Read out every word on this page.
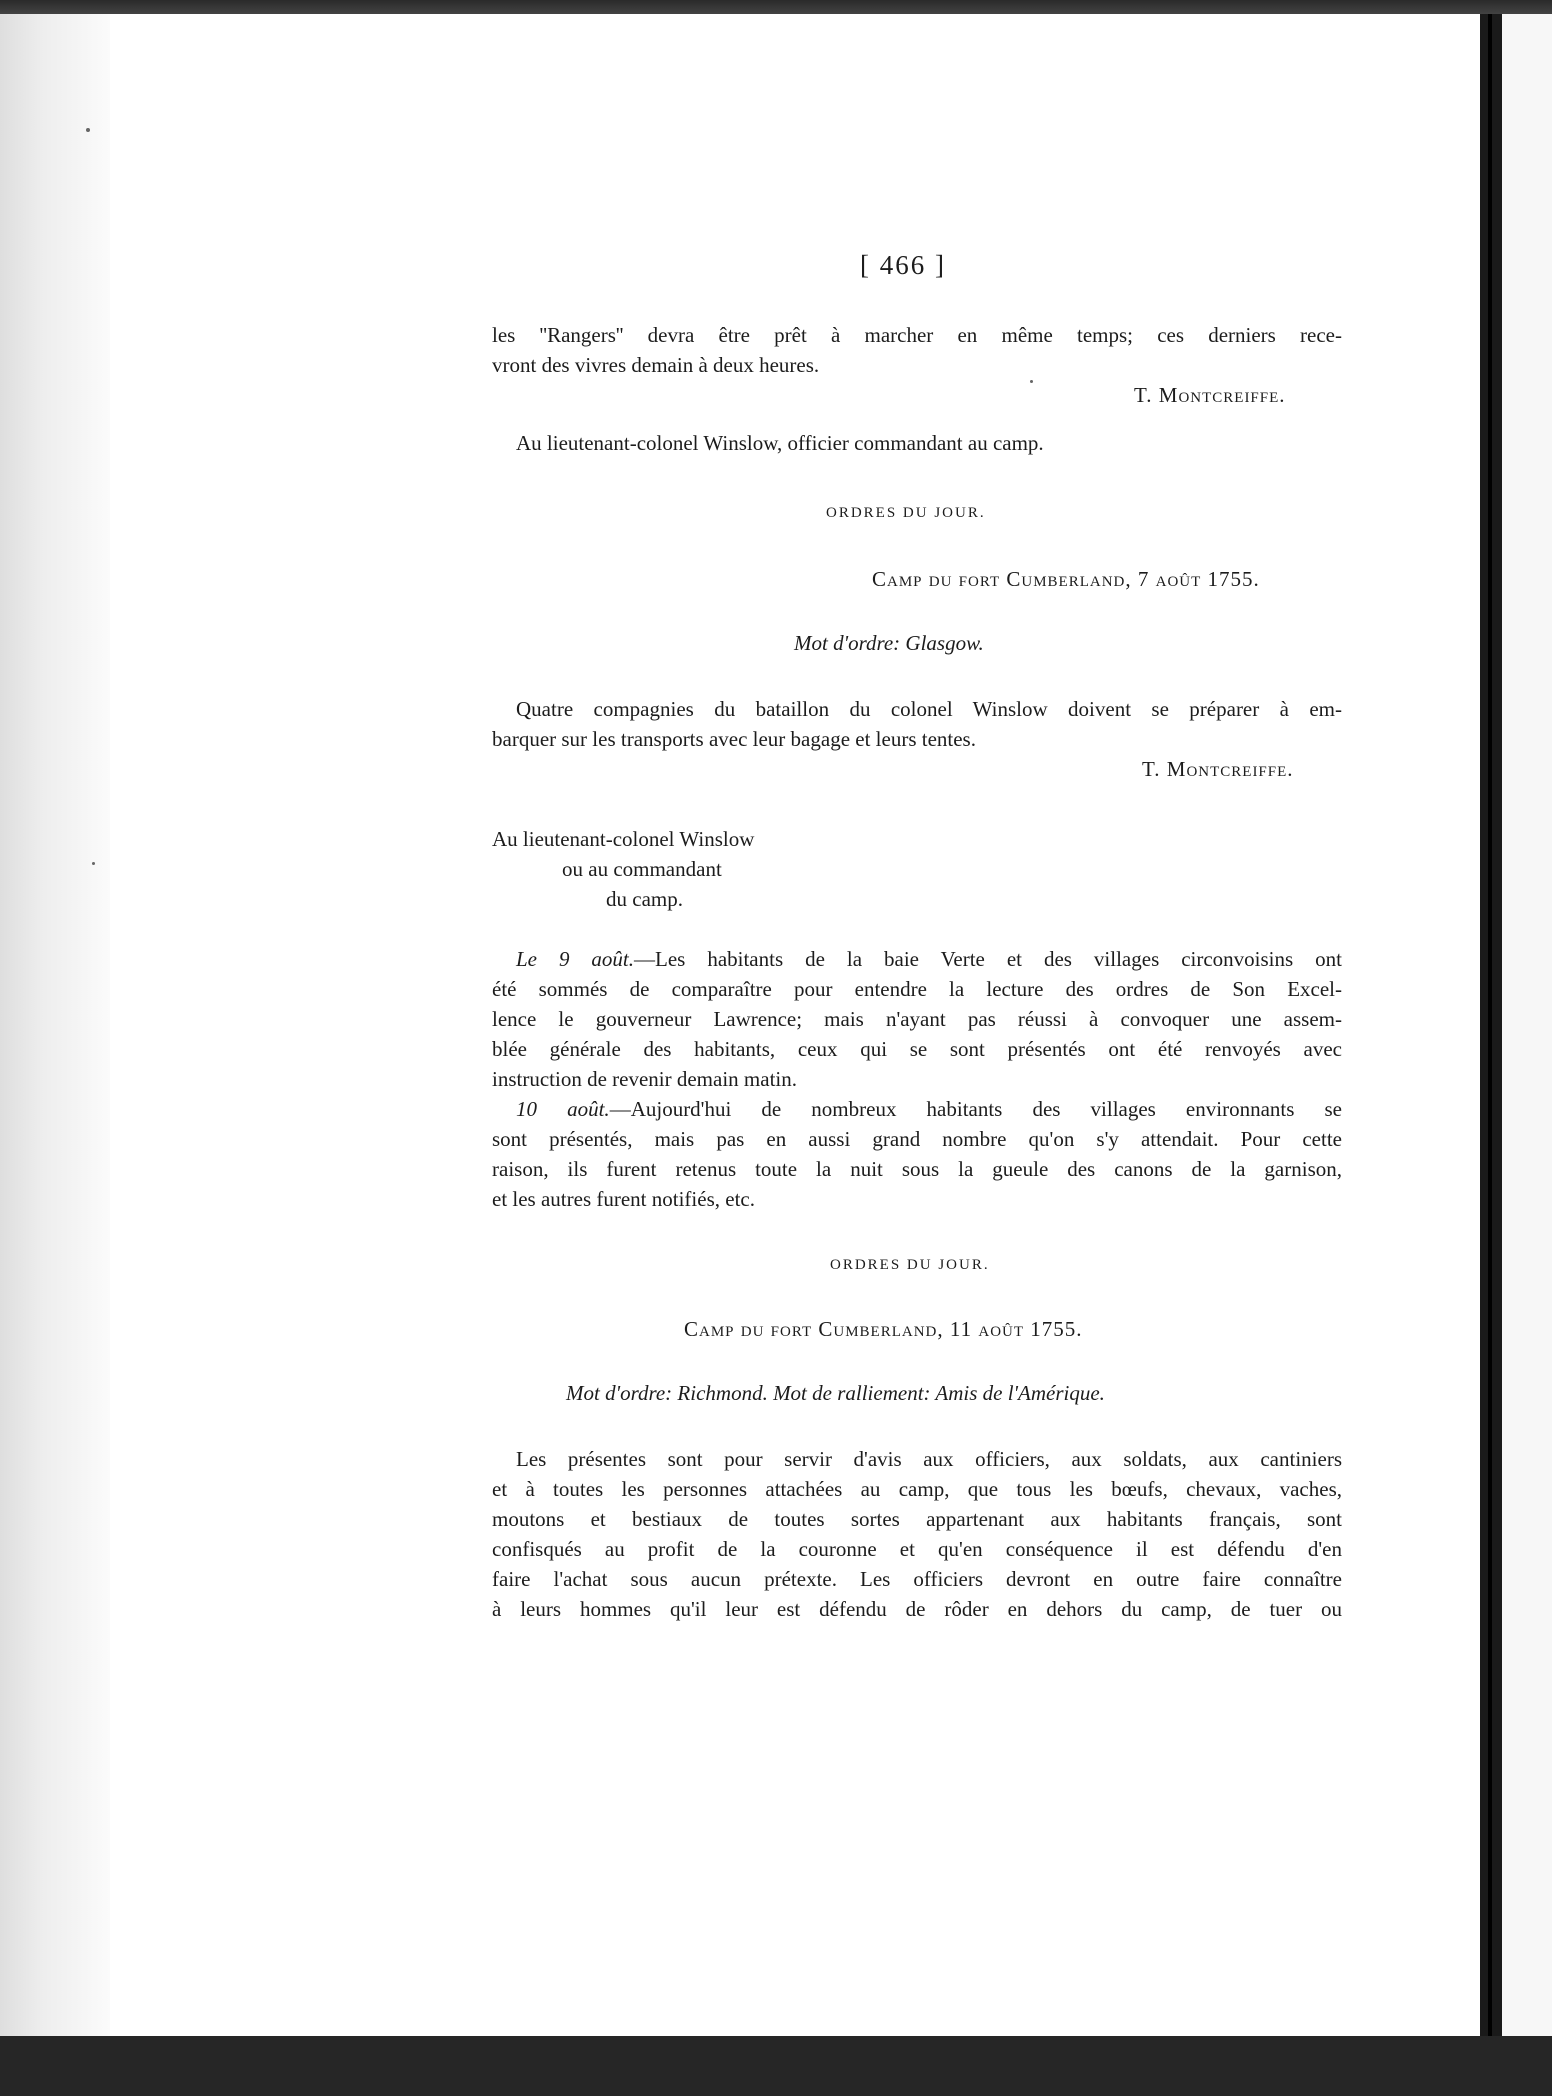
[ 466 ]
les ''Rangers'' devra être prêt à marcher en même temps; ces derniers rece-
vront des vivres demain à deux heures.
T. Montcreiffe.
Au lieutenant-colonel Winslow, officier commandant au camp.
ORDRES DU JOUR.
Camp du fort Cumberland, 7 août 1755.
Mot d'ordre: Glasgow.
Quatre compagnies du bataillon du colonel Winslow doivent se préparer à em-
barquer sur les transports avec leur bagage et leurs tentes.
T. Montcreiffe.
Au lieutenant-colonel Winslow
ou au commandant
du camp.
Le 9 août.—Les habitants de la baie Verte et des villages circonvoisins ont
été sommés de comparaître pour entendre la lecture des ordres de Son Excel-
lence le gouverneur Lawrence; mais n'ayant pas réussi à convoquer une assem-
blée générale des habitants, ceux qui se sont présentés ont été renvoyés avec
instruction de revenir demain matin.
10 août.—Aujourd'hui de nombreux habitants des villages environnants se
sont présentés, mais pas en aussi grand nombre qu'on s'y attendait. Pour cette
raison, ils furent retenus toute la nuit sous la gueule des canons de la garnison,
et les autres furent notifiés, etc.
ORDRES DU JOUR.
Camp du fort Cumberland, 11 août 1755.
Mot d'ordre: Richmond. Mot de ralliement: Amis de l'Amérique.
Les présentes sont pour servir d'avis aux officiers, aux soldats, aux cantiniers
et à toutes les personnes attachées au camp, que tous les bœufs, chevaux, vaches,
moutons et bestiaux de toutes sortes appartenant aux habitants français, sont
confisqués au profit de la couronne et qu'en conséquence il est défendu d'en
faire l'achat sous aucun prétexte. Les officiers devront en outre faire connaître
à leurs hommes qu'il leur est défendu de rôder en dehors du camp, de tuer ou
